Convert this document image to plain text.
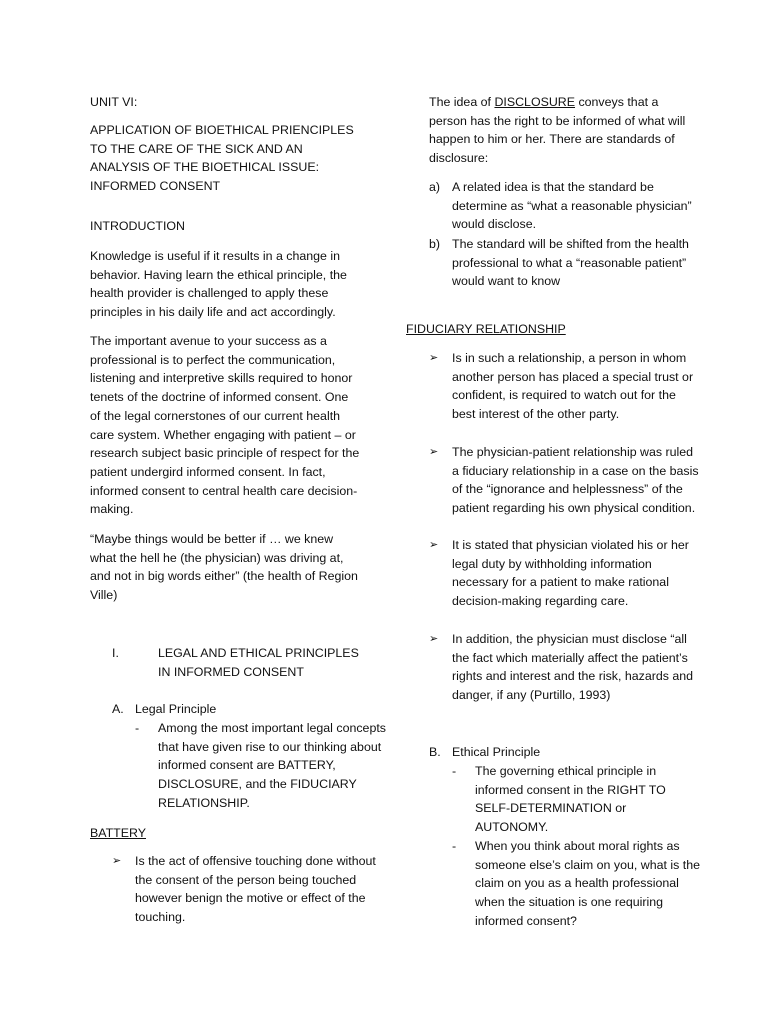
UNIT VI:

APPLICATION OF BIOETHICAL PRIENCIPLES TO THE CARE OF THE SICK AND AN ANALYSIS OF THE BIOETHICAL ISSUE: INFORMED CONSENT

INTRODUCTION

Knowledge is useful if it results in a change in behavior. Having learn the ethical principle, the health provider is challenged to apply these principles in his daily life and act accordingly.

The important avenue to your success as a professional is to perfect the communication, listening and interpretive skills required to honor tenets of the doctrine of informed consent. One of the legal cornerstones of our current health care system. Whether engaging with patient – or research subject basic principle of respect for the patient undergird informed consent. In fact, informed consent to central health care decision- making.

“Maybe things would be better if … we knew what the hell he (the physician) was driving at, and not in big words either” (the health of Region Ville)

I.	LEGAL AND ETHICAL PRINCIPLES IN INFORMED CONSENT
A. Legal Principle
- Among the most important legal concepts that have given rise to our thinking about informed consent are BATTERY, DISCLOSURE, and the FIDUCIARY RELATIONSHIP.

BATTERY

➢ Is the act of offensive touching done without the consent of the person being touched however benign the motive or effect of the touching.

The idea of DISCLOSURE conveys that a person has the right to be informed of what will happen to him or her. There are standards of disclosure:

a) A related idea is that the standard be determine as “what a reasonable physician” would disclose.
b) The standard will be shifted from the health professional to what a “reasonable patient” would want to know

FIDUCIARY RELATIONSHIP

➢ Is in such a relationship, a person in whom another person has placed a special trust or confident, is required to watch out for the best interest of the other party.
➢ The physician-patient relationship was ruled a fiduciary relationship in a case on the basis of the “ignorance and helplessness” of the patient regarding his own physical condition.
➢ It is stated that physician violated his or her legal duty by withholding information necessary for a patient to make rational decision-making regarding care.
➢ In addition, the physician must disclose “all the fact which materially affect the patient’s rights and interest and the risk, hazards and danger, if any (Purtillo, 1993)
B. Ethical Principle
- The governing ethical principle in informed consent in the RIGHT TO SELF-DETERMINATION or AUTONOMY.
- When you think about moral rights as someone else’s claim on you, what is the claim on you as a health professional when the situation is one requiring informed consent?
